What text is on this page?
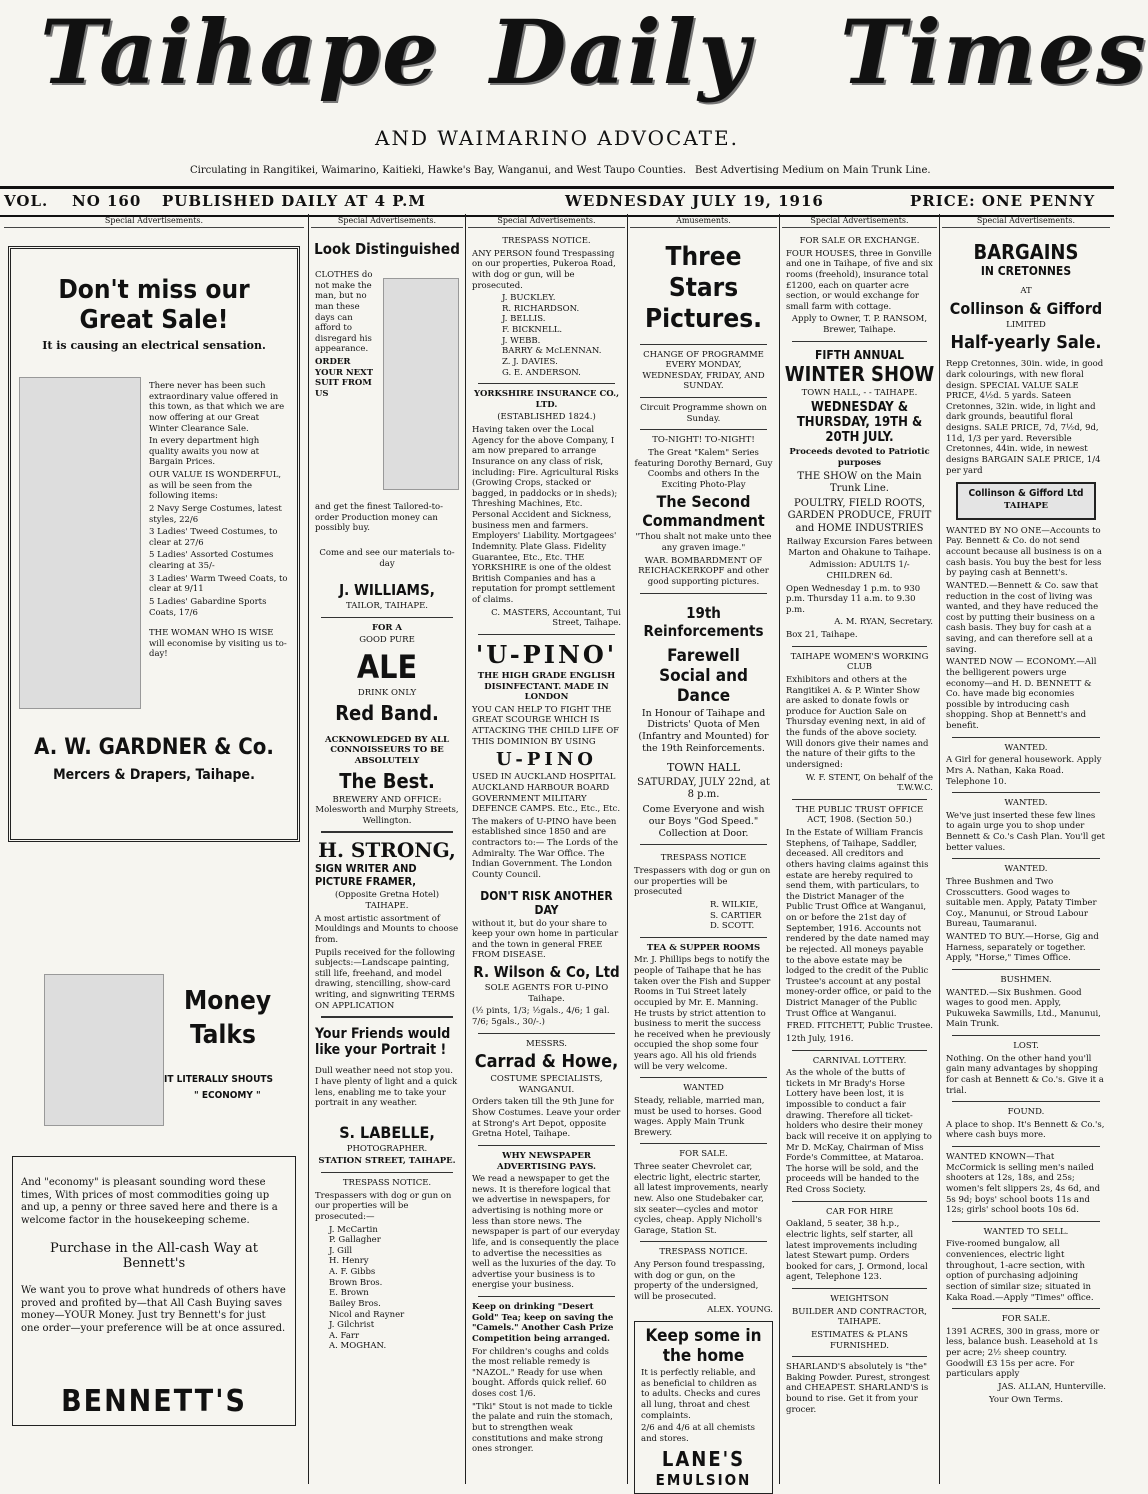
Taihape Daily Times
AND WAIMARINO ADVOCATE.
Circulating in Rangitikei, Waimarino, Kaitieki, Hawke's Bay, Wanganui, and West Taupo Counties. Best Advertising Medium on Main Trunk Line.
VOL. NO 160 PUBLISHED DAILY AT 4 P.M	WEDNESDAY JULY 19, 1916	PRICE: ONE PENNY
Special Advertisements.
Don't miss our
Great Sale!
It is causing an electrical sensation.
There never has been such extraordinary value offered in this town, as that which we are now offering at our Great Winter Clearance Sale.
In every department high quality awaits you now at Bargain Prices.
OUR VALUE IS WONDERFUL, as will be seen from the following items:
2 Navy Serge Costumes, latest styles, 22/6
3 Ladies' Tweed Costumes, to clear at 27/6
5 Ladies' Assorted Costumes clearing at 35/-
3 Ladies' Warm Tweed Coats, to clear at 9/11
5 Ladies' Gabardine Sports Coats, 17/6
THE WOMAN WHO IS WISE will economise by visiting us to-day!
A. W. GARDNER & Co.
Mercers & Drapers, Taihape.
Money
Talks
IT LITERALLY SHOUTS
" ECONOMY "
And "economy" is pleasant sounding word these times, With prices of most commodities going up and up, a penny or three saved here and there is a welcome factor in the housekeeping scheme.
Purchase in the All-cash Way at Bennett's
We want you to prove what hundreds of others have proved and profited by—that All Cash Buying saves money—YOUR Money. Just try Bennett's for just one order—your preference will be at once assured.
BENNETT'S
Special Advertisements.
Look Distinguished
CLOTHES do not make the man, but no man these days can afford to disregard his appearance.
ORDER YOUR NEXT SUIT FROM US
and get the finest Tailored-to-order Production money can possibly buy.
Come and see our materials to-day
J. WILLIAMS,
TAILOR, TAIHAPE.
FOR A
GOOD PURE
ALE
DRINK ONLY
Red Band.
ACKNOWLEDGED BY ALL CONNOISSEURS TO BE ABSOLUTELY
The Best.
BREWERY AND OFFICE: Molesworth and Murphy Streets, Wellington.
H. STRONG,
SIGN WRITER AND PICTURE FRAMER,
(Opposite Gretna Hotel) TAIHAPE.
A most artistic assortment of Mouldings and Mounts to choose from.
Pupils received for the following subjects:—Landscape painting, still life, freehand, and model drawing, stencilling, show-card writing, and signwriting TERMS ON APPLICATION
Your Friends would like your Portrait !
Dull weather need not stop you. I have plenty of light and a quick lens, enabling me to take your portrait in any weather.
S. LABELLE,
PHOTOGRAPHER.
STATION STREET, TAIHAPE.
TRESPASS NOTICE.
Trespassers with dog or gun on our properties will be prosecuted:—
J. McCartin
P. Gallagher
J. Gill
H. Henry
A. F. Gibbs
Brown Bros.
E. Brown
Bailey Bros.
Nicol and Rayner
J. Gilchrist
A. Farr
A. MOGHAN.
Special Advertisements.
TRESPASS NOTICE.
ANY PERSON found Trespassing on our properties, Pukeroa Road, with dog or gun, will be prosecuted.
J. BUCKLEY.
R. RICHARDSON.
J. BELLIS.
F. BICKNELL.
J. WEBB.
BARRY & McLENNAN.
Z. J. DAVIES.
G. E. ANDERSON.
YORKSHIRE INSURANCE CO., LTD.
(ESTABLISHED 1824.)
Having taken over the Local Agency for the above Company, I am now prepared to arrange Insurance on any class of risk, including: Fire. Agricultural Risks (Growing Crops, stacked or bagged, in paddocks or in sheds); Threshing Machines, Etc. Personal Accident and Sickness, business men and farmers. Employers' Liability. Mortgagees' Indemnity. Plate Glass. Fidelity Guarantee, Etc., Etc. THE YORKSHIRE is one of the oldest British Companies and has a reputation for prompt settlement of claims.
C. MASTERS, Accountant, Tui Street, Taihape.
'U-PINO'
THE HIGH GRADE ENGLISH DISINFECTANT. MADE IN LONDON
YOU CAN HELP TO FIGHT THE GREAT SCOURGE WHICH IS ATTACKING THE CHILD LIFE OF THIS DOMINION BY USING
U-PINO
USED IN AUCKLAND HOSPITAL AUCKLAND HARBOUR BOARD GOVERNMENT MILITARY DEFENCE CAMPS. Etc., Etc., Etc.
The makers of U-PINO have been established since 1850 and are contractors to:— The Lords of the Admiralty. The War Office. The Indian Government. The London County Council.
DON'T RISK ANOTHER DAY
without it, but do your share to keep your own home in particular and the town in general FREE FROM DISEASE.
R. Wilson & Co, Ltd
SOLE AGENTS FOR U-PINO Taihape.
(½ pints, 1/3; ½gals., 4/6; 1 gal. 7/6; 5gals., 30/-.)
MESSRS.
Carrad & Howe,
COSTUME SPECIALISTS, WANGANUI.
Orders taken till the 9th June for Show Costumes. Leave your order at Strong's Art Depot, opposite Gretna Hotel, Taihape.
WHY NEWSPAPER ADVERTISING PAYS.
We read a newspaper to get the news. It is therefore logical that we advertise in newspapers, for advertising is nothing more or less than store news. The newspaper is part of our everyday life, and is consequently the place to advertise the necessities as well as the luxuries of the day. To advertise your business is to energise your business.
Keep on drinking "Desert Gold" Tea; keep on saving the "Camels." Another Cash Prize Competition being arranged.
For children's coughs and colds the most reliable remedy is "NAZOL." Ready for use when bought. Affords quick relief. 60 doses cost 1/6.
"Tiki" Stout is not made to tickle the palate and ruin the stomach, but to strengthen weak constitutions and make strong ones stronger.
Amusements.
Three Stars Pictures.
CHANGE OF PROGRAMME EVERY MONDAY, WEDNESDAY, FRIDAY, AND SUNDAY.
Circuit Programme shown on Sunday.
TO-NIGHT! TO-NIGHT!
The Great "Kalem" Series featuring Dorothy Bernard, Guy Coombs and others In the Exciting Photo-Play
The Second Commandment
"Thou shalt not make unto thee any graven image."
WAR. BOMBARDMENT OF REICHACKERKOPF and other good supporting pictures.
19th Reinforcements
Farewell
Social and Dance
In Honour of Taihape and Districts' Quota of Men (Infantry and Mounted) for the 19th Reinforcements.
TOWN HALL
SATURDAY, JULY 22nd, at 8 p.m.
Come Everyone and wish our Boys "God Speed." Collection at Door.
TRESPASS NOTICE
Trespassers with dog or gun on our properties will be prosecuted
R. WILKIE,
S. CARTIER
D. SCOTT.
TEA & SUPPER ROOMS
Mr. J. Phillips begs to notify the people of Taihape that he has taken over the Fish and Supper Rooms in Tui Street lately occupied by Mr. E. Manning. He trusts by strict attention to business to merit the success he received when he previously occupied the shop some four years ago. All his old friends will be very welcome.
WANTED
Steady, reliable, married man, must be used to horses. Good wages. Apply Main Trunk Brewery.
FOR SALE.
Three seater Chevrolet car, electric light, electric starter, all latest improvements, nearly new. Also one Studebaker car, six seater—cycles and motor cycles, cheap. Apply Nicholl's Garage, Station St.
TRESPASS NOTICE.
Any Person found trespassing, with dog or gun, on the property of the undersigned, will be prosecuted.
ALEX. YOUNG.
Keep some in the home
It is perfectly reliable, and as beneficial to children as to adults. Checks and cures all lung, throat and chest complaints.
2/6 and 4/6 at all chemists and stores.
LANE'S
EMULSION
Special Advertisements.
FOR SALE OR EXCHANGE.
FOUR HOUSES, three in Gonville and one in Taihape, of five and six rooms (freehold), insurance total £1200, each on quarter acre section, or would exchange for small farm with cottage.
Apply to Owner, T. P. RANSOM, Brewer, Taihape.
FIFTH ANNUAL
WINTER SHOW
TOWN HALL, - - TAIHAPE.
WEDNESDAY & THURSDAY, 19TH & 20TH JULY.
Proceeds devoted to Patriotic purposes
THE SHOW on the Main Trunk Line.
POULTRY, FIELD ROOTS, GARDEN PRODUCE, FRUIT and HOME INDUSTRIES
Railway Excursion Fares between Marton and Ohakune to Taihape.
Admission: ADULTS 1/- CHILDREN 6d.
Open Wednesday 1 p.m. to 930 p.m. Thursday 11 a.m. to 9.30 p.m.
A. M. RYAN, Secretary.
Box 21, Taihape.
TAIHAPE WOMEN'S WORKING CLUB
Exhibitors and others at the Rangitikei A. & P. Winter Show are asked to donate fowls or produce for Auction Sale on Thursday evening next, in aid of the funds of the above society. Will donors give their names and the nature of their gifts to the undersigned:
W. F. STENT, On behalf of the T.W.W.C.
THE PUBLIC TRUST OFFICE ACT, 1908. (Section 50.)
In the Estate of William Francis Stephens, of Taihape, Saddler, deceased. All creditors and others having claims against this estate are hereby required to send them, with particulars, to the District Manager of the Public Trust Office at Wanganui, on or before the 21st day of September, 1916. Accounts not rendered by the date named may be rejected. All moneys payable to the above estate may be lodged to the credit of the Public Trustee's account at any postal money-order office, or paid to the District Manager of the Public Trust Office at Wanganui.
FRED. FITCHETT, Public Trustee.
12th July, 1916.
CARNIVAL LOTTERY.
As the whole of the butts of tickets in Mr Brady's Horse Lottery have been lost, it is impossible to conduct a fair drawing. Therefore all ticket-holders who desire their money back will receive it on applying to Mr D. McKay, Chairman of Miss Forde's Committee, at Mataroa. The horse will be sold, and the proceeds will be handed to the Red Cross Society.
CAR FOR HIRE
Oakland, 5 seater, 38 h.p., electric lights, self starter, all latest improvements including latest Stewart pump. Orders booked for cars, J. Ormond, local agent, Telephone 123.
WEIGHTSON
BUILDER AND CONTRACTOR, TAIHAPE.
ESTIMATES & PLANS FURNISHED.
SHARLAND'S absolutely is "the" Baking Powder. Purest, strongest and CHEAPEST. SHARLAND'S is bound to rise. Get it from your grocer.
Special Advertisements.
BARGAINS
IN CRETONNES
AT
Collinson & Gifford
LIMITED
Half-yearly Sale.
Repp Cretonnes, 30in. wide, in good dark colourings, with new floral design. SPECIAL VALUE SALE PRICE, 4½d. 5 yards. Sateen Cretonnes, 32in. wide, in light and dark grounds, beautiful floral designs. SALE PRICE, 7d, 7½d, 9d, 11d, 1/3 per yard. Reversible Cretonnes, 44in. wide, in newest designs BARGAIN SALE PRICE, 1/4 per yard
Collinson & Gifford Ltd
TAIHAPE
WANTED BY NO ONE—Accounts to Pay. Bennett & Co. do not send account because all business is on a cash basis. You buy the best for less by paying cash at Bennett's.
WANTED.—Bennett & Co. saw that reduction in the cost of living was wanted, and they have reduced the cost by putting their business on a cash basis. They buy for cash at a saving, and can therefore sell at a saving.
WANTED NOW — ECONOMY.—All the belligerent powers urge economy—and H. D. BENNETT & Co. have made big economies possible by introducing cash shopping. Shop at Bennett's and benefit.
WANTED.
A Girl for general housework. Apply Mrs A. Nathan, Kaka Road. Telephone 10.
WANTED.
We've just inserted these few lines to again urge you to shop under Bennett & Co.'s Cash Plan. You'll get better values.
WANTED.
Three Bushmen and Two Crosscutters. Good wages to suitable men. Apply, Pataty Timber Coy., Manunui, or Stroud Labour Bureau, Taumaranui.
WANTED TO BUY.—Horse, Gig and Harness, separately or together. Apply, "Horse," Times Office.
BUSHMEN.
WANTED.—Six Bushmen. Good wages to good men. Apply, Pukuweka Sawmills, Ltd., Manunui, Main Trunk.
LOST.
Nothing. On the other hand you'll gain many advantages by shopping for cash at Bennett & Co.'s. Give it a trial.
FOUND.
A place to shop. It's Bennett & Co.'s, where cash buys more.
WANTED KNOWN—That McCormick is selling men's nailed shooters at 12s, 18s, and 25s; women's felt slippers 2s, 4s 6d, and 5s 9d; boys' school boots 11s and 12s; girls' school boots 10s 6d.
WANTED TO SELL.
Five-roomed bungalow, all conveniences, electric light throughout, 1-acre section, with option of purchasing adjoining section of similar size; situated in Kaka Road.—Apply "Times" office.
FOR SALE.
1391 ACRES, 300 in grass, more or less, balance bush. Leasehold at 1s per acre; 2½ sheep country. Goodwill £3 15s per acre. For particulars apply
JAS. ALLAN, Hunterville.
Your Own Terms.
